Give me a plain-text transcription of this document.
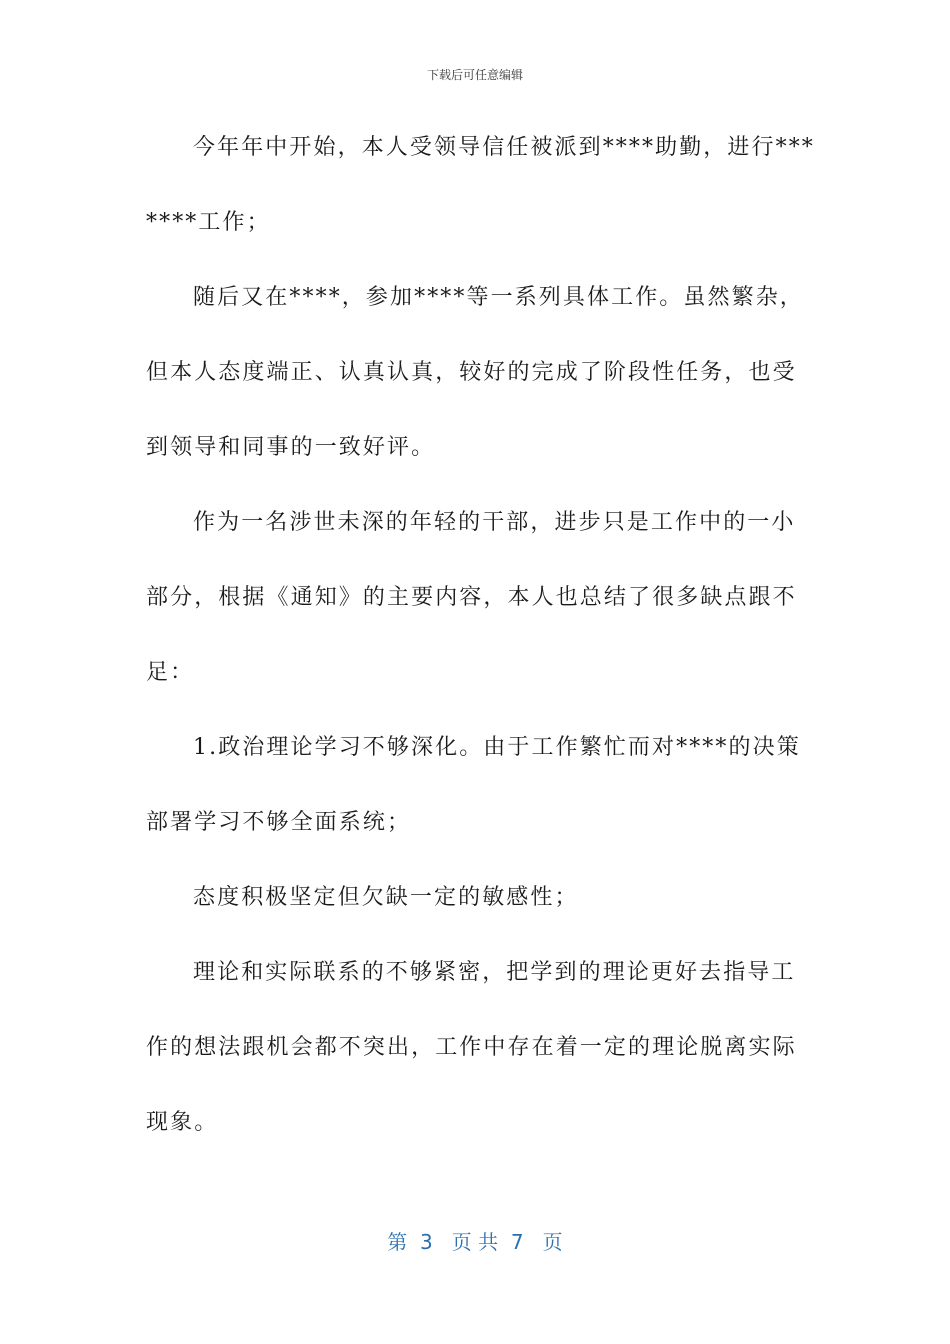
下载后可任意编辑
今年年中开始，本人受领导信任被派到****助勤，进行***
****工作；
随后又在****，参加****等一系列具体工作。虽然繁杂，
但本人态度端正、认真认真，较好的完成了阶段性任务，也受
到领导和同事的一致好评。
作为一名涉世未深的年轻的干部，进步只是工作中的一小
部分，根据《通知》的主要内容，本人也总结了很多缺点跟不
足：
1.政治理论学习不够深化。由于工作繁忙而对****的决策
部署学习不够全面系统；
态度积极坚定但欠缺一定的敏感性；
理论和实际联系的不够紧密，把学到的理论更好去指导工
作的想法跟机会都不突出，工作中存在着一定的理论脱离实际
现象。
第  3   页 共  7   页
